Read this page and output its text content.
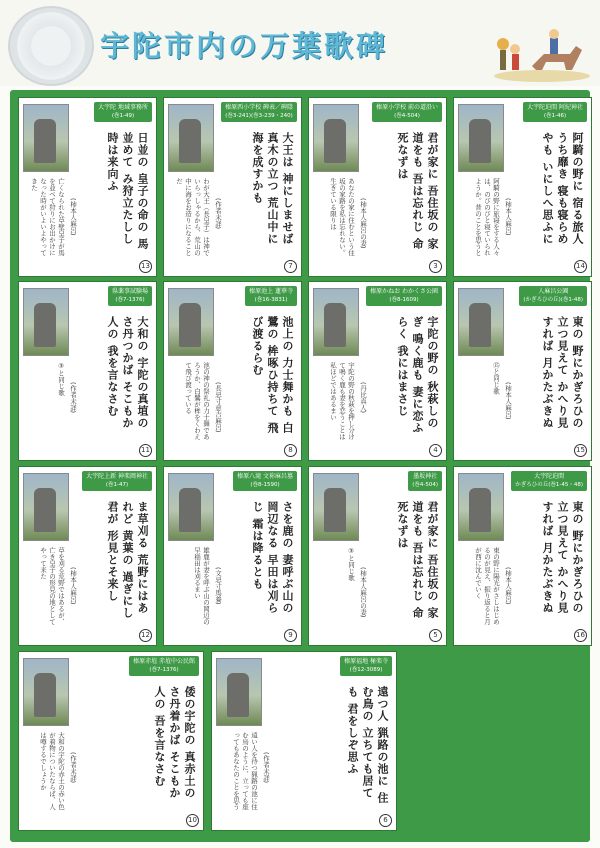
宇陀市内の万葉歌碑
大宇陀 地域事務所
(巻1-49)
日並の 皇子の命の 馬並めて み狩立たしし 時は来向ふ
亡くなられた草壁皇子が馬を並べて狩りにお出かけになった時がいよいよやってきた
(柿本人麻呂)
13
榛原西小学校 碑表／碑陰
(巻3-241)(巻3-239・240)
大王は 神にしませば 真木の立つ 荒山中に 海を成すかも
わが大王（長皇子）は神でいらっしゃるから、荒山の中に海をお造りになることだ
(作者未詳)
7
榛原小学校 前の道沿い
(巻4-504)
君が家に 吾住坂の 家道をも 吾は忘れじ 命死なずは
あなたの家に住むという住坂の家路を私は忘れない。生きている限りは	(柿本人麻呂の妻)
3
大宇陀迫間 阿紀神社
(巻1-46)
阿騎の野に 宿る旅人 うち靡き 寝も寝らめやも いにしへ思ふに
阿騎の野に旅寝をする人々は、のびのびと寝ていられようか。昔のことを思うと	(柿本人麻呂)
14
県薬事試験場
(巻7-1376)
大和の 宇陀の真埴の さ丹つかば そこもか人の 我を言なさむ
③と同じ歌
(作者未詳)
11
榛原池上 蓮華寺
(巻16-3831)
池上の 力士舞かも 白鷺の 桙啄ひ持ちて 飛び渡るらむ
池の神の祭礼の力士舞であろうか、白鷺が桙をくわえて飛び渡っている	(長忌寸意吉麻呂)
8
榛原かねお わかくさ公園
(巻8-1609)
宇陀の野の 秋萩しのぎ 鳴く鹿も 妻に恋ふらく 我にはまさじ
宇陀の野の秋萩を押し分けて鳴く鹿も妻を恋うことは私ほどではあるまい	(丹比真人)
4
人麻呂公園
(かぎろひの丘)(巻1-48)
東の 野にかぎろひの 立つ見えて かへり見すれば 月かたぶきぬ
⑮と同じ歌
(柿本人麻呂)
15
大宇陀上新 神楽岡神社
(巻1-47)
ま草刈る 荒野にはあれど 黄葉の 過ぎにし君が 形見とそ来し
草を刈る荒野ではあるが、亡き皇子の形見の地としてやって来た
(柿本人麻呂)
12
榛原八滝 文祢麻呂墓
(巻8-1590)
さを鹿の 妻呼ぶ山の 岡辺なる 早田は刈らじ 霜は降るとも
雄鹿が妻を呼ぶ山の岡辺の早稲田は刈るまい	(文忌寸馬養)
9
墨坂神社
(巻4-504)
君が家に 吾住坂の 家道をも 吾は忘れじ 命死なずは
③と同じ歌
(柿本人麻呂の妻)
5
大宇陀迫間
かぎろひの丘(巻1-45・48)
東の 野にかぎろひの 立つ見えて かへり見すれば 月かたぶきぬ
東の野に陽光がさしはじめるのが見え、振り返ると月が西に沈んでいく	(柿本人麻呂)
16
榛原赤埴 赤埴中公民館
(巻7-1376)
倭の宇陀の 真赤土の さ丹着かば そこもか人の 吾を言なさむ
大和の宇陀の赤土の赤い色が着物についたならば、人は噂するでしょうか	(作者未詳)
10
榛原福地 極楽寺
(巻12-3089)
遠つ人 猟路の池に 住む鳥の 立ちても居ても 君をしぞ思ふ
遠い人を待つ猟路の池に住む鳥のように、立っても座ってもあなたのことを思う	(作者未詳)
6
